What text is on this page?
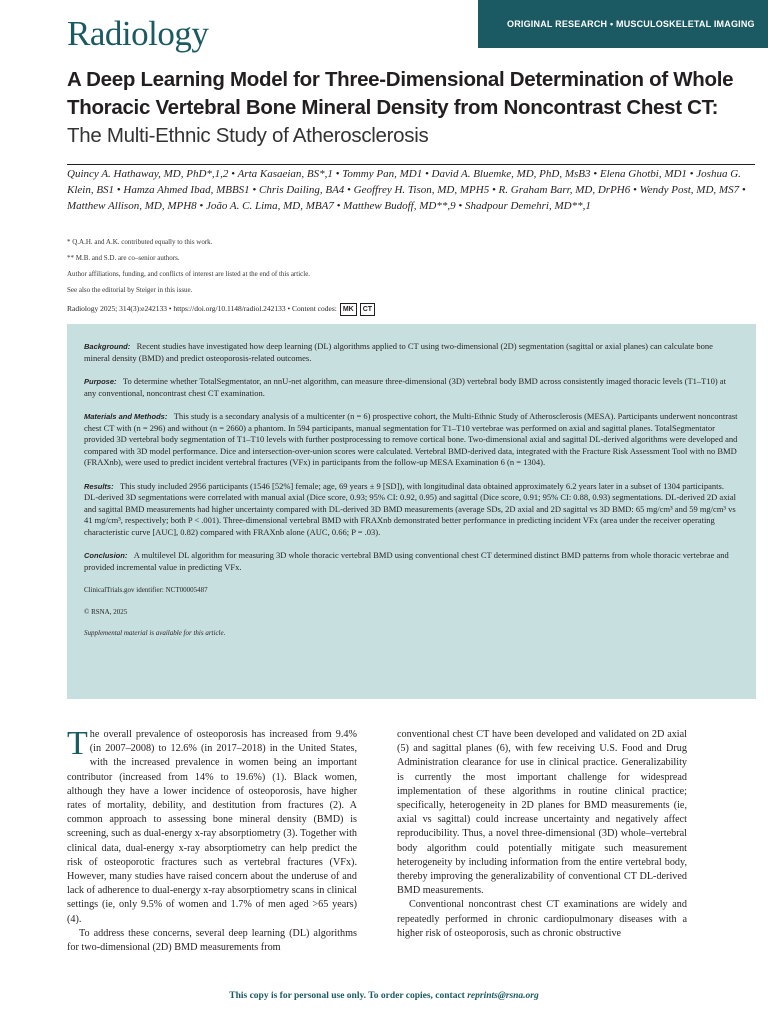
Radiology	ORIGINAL RESEARCH • MUSCULOSKELETAL IMAGING
A Deep Learning Model for Three-Dimensional Determination of Whole Thoracic Vertebral Bone Mineral Density from Noncontrast Chest CT: The Multi-Ethnic Study of Atherosclerosis
Quincy A. Hathaway, MD, PhD*,1,2 • Arta Kasaeian, BS*,1 • Tommy Pan, MD1 • David A. Bluemke, MD, PhD, MsB3 • Elena Ghotbi, MD1 • Joshua G. Klein, BS1 • Hamza Ahmed Ibad, MBBS1 • Chris Dailing, BA4 • Geoffrey H. Tison, MD, MPH5 • R. Graham Barr, MD, DrPH6 • Wendy Post, MD, MS7 • Matthew Allison, MD, MPH8 • João A. C. Lima, MD, MBA7 • Matthew Budoff, MD**,9 • Shadpour Demehri, MD**,1
* Q.A.H. and A.K. contributed equally to this work.
** M.B. and S.D. are co–senior authors.
Author affiliations, funding, and conflicts of interest are listed at the end of this article.
See also the editorial by Steiger in this issue.
Radiology 2025; 314(3):e242133 • https://doi.org/10.1148/radiol.242133 • Content codes: MK	CT

Background: Recent studies have investigated how deep learning (DL) algorithms applied to CT using two-dimensional (2D) segmentation (sagittal or axial planes) can calculate bone mineral density (BMD) and predict osteoporosis-related outcomes.

Purpose: To determine whether TotalSegmentator, an nnU-net algorithm, can measure three-dimensional (3D) vertebral body BMD across consistently imaged thoracic levels (T1–T10) at any conventional, noncontrast chest CT examination.

Materials and Methods: This study is a secondary analysis of a multicenter (n = 6) prospective cohort, the Multi-Ethnic Study of Atherosclerosis (MESA). Participants underwent noncontrast chest CT with (n = 296) and without (n = 2660) a phantom. In 594 participants, manual segmentation for T1–T10 vertebrae was performed on axial and sagittal planes. TotalSegmentator provided 3D vertebral body segmentation of T1–T10 levels with further postprocessing to remove cortical bone. Two-dimensional axial and sagittal DL-derived algorithms were developed and compared with 3D model performance. Dice and intersection-over-union scores were calculated. Vertebral BMD-derived data, integrated with the Fracture Risk Assessment Tool with no BMD (FRAXnb), were used to predict incident vertebral fractures (VFx) in participants from the follow-up MESA Examination 6 (n = 1304).

Results: This study included 2956 participants (1546 [52%] female; age, 69 years ± 9 [SD]), with longitudinal data obtained approximately 6.2 years later in a subset of 1304 participants. DL-derived 3D segmentations were correlated with manual axial (Dice score, 0.93; 95% CI: 0.92, 0.95) and sagittal (Dice score, 0.91; 95% CI: 0.88, 0.93) segmentations. DL-derived 2D axial and sagittal BMD measurements had higher uncertainty compared with DL-derived 3D BMD measurements (average SDs, 2D axial and 2D sagittal vs 3D BMD: 65 mg/cm³ and 59 mg/cm³ vs 41 mg/cm³, respectively; both P < .001). Three-dimensional vertebral BMD with FRAXnb demonstrated better performance in predicting incident VFx (area under the receiver operating characteristic curve [AUC], 0.82) compared with FRAXnb alone (AUC, 0.66; P = .03).

Conclusion: A multilevel DL algorithm for measuring 3D whole thoracic vertebral BMD using conventional chest CT determined distinct BMD patterns from whole thoracic vertebrae and provided incremental value in predicting VFx.

ClinicalTrials.gov identifier: NCT00005487

© RSNA, 2025

Supplemental material is available for this article.

The overall prevalence of osteoporosis has increased from 9.4% (in 2007–2008) to 12.6% (in 2017–2018) in the United States, with the increased prevalence in women being an important contributor (increased from 14% to 19.6%) (1). Black women, although they have a lower incidence of osteoporosis, have higher rates of mortality, debility, and destitution from fractures (2). A common approach to assessing bone mineral density (BMD) is screening, such as dual-energy x-ray absorptiometry (3). Together with clinical data, dual-energy x-ray absorptiometry can help predict the risk of osteoporotic fractures such as vertebral fractures (VFx). However, many studies have raised concern about the underuse of and lack of adherence to dual-energy x-ray absorptiometry scans in clinical settings (ie, only 9.5% of women and 1.7% of men aged >65 years) (4).

To address these concerns, several deep learning (DL) algorithms for two-dimensional (2D) BMD measurements from

conventional chest CT have been developed and validated on 2D axial (5) and sagittal planes (6), with few receiving U.S. Food and Drug Administration clearance for use in clinical practice. Generalizability is currently the most important challenge for widespread implementation of these algorithms in routine clinical practice; specifically, heterogeneity in 2D planes for BMD measurements (ie, axial vs sagittal) could increase uncertainty and negatively affect reproducibility. Thus, a novel three-dimensional (3D) whole–vertebral body algorithm could potentially mitigate such measurement heterogeneity by including information from the entire vertebral body, thereby improving the generalizability of conventional CT DL-derived BMD measurements.

Conventional noncontrast chest CT examinations are widely and repeatedly performed in chronic cardiopulmonary diseases with a higher risk of osteoporosis, such as chronic obstructive

This copy is for personal use only. To order copies, contact reprints@rsna.org
